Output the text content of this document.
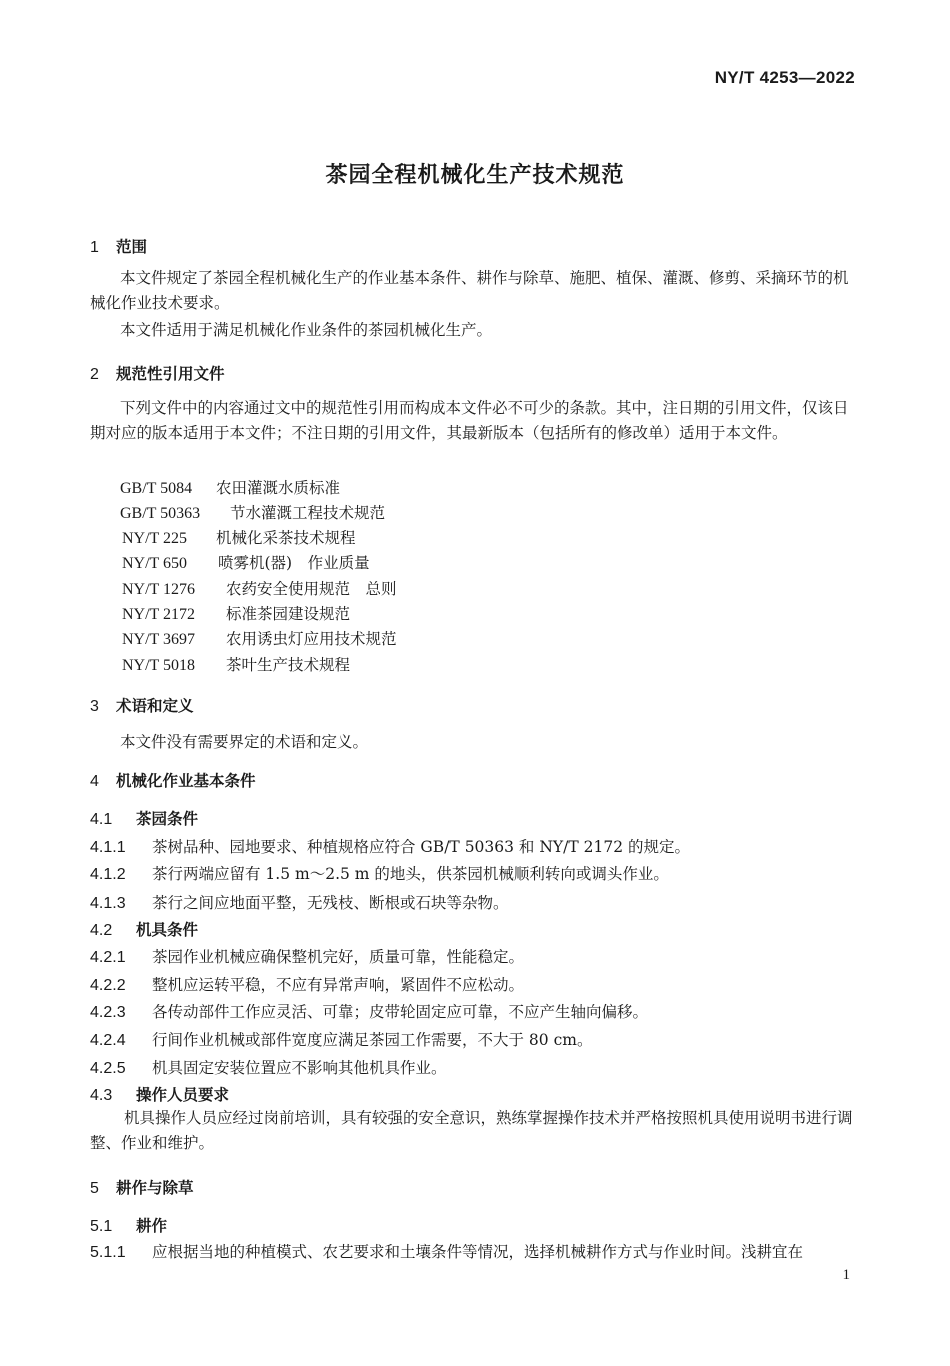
NY/T 4253—2022
茶园全程机械化生产技术规范
1 范围
本文件规定了茶园全程机械化生产的作业基本条件、耕作与除草、施肥、植保、灌溉、修剪、采摘环节的机械化作业技术要求。
本文件适用于满足机械化作业条件的茶园机械化生产。
2 规范性引用文件
下列文件中的内容通过文中的规范性引用而构成本文件必不可少的条款。其中，注日期的引用文件，仅该日期对应的版本适用于本文件；不注日期的引用文件，其最新版本（包括所有的修改单）适用于本文件。
GB/T 5084 农田灌溉水质标准
GB/T 50363 节水灌溉工程技术规范
NY/T 225 机械化采茶技术规程
NY/T 650 喷雾机(器)　作业质量
NY/T 1276 农药安全使用规范　总则
NY/T 2172 标准茶园建设规范
NY/T 3697 农用诱虫灯应用技术规范
NY/T 5018 茶叶生产技术规程
3 术语和定义
本文件没有需要界定的术语和定义。
4 机械化作业基本条件
4.1 茶园条件
4.1.1 茶树品种、园地要求、种植规格应符合 GB/T 50363 和 NY/T 2172 的规定。
4.1.2 茶行两端应留有 1.5 m～2.5 m 的地头，供茶园机械顺利转向或调头作业。
4.1.3 茶行之间应地面平整，无残枝、断根或石块等杂物。
4.2 机具条件
4.2.1 茶园作业机械应确保整机完好，质量可靠，性能稳定。
4.2.2 整机应运转平稳，不应有异常声响，紧固件不应松动。
4.2.3 各传动部件工作应灵活、可靠；皮带轮固定应可靠，不应产生轴向偏移。
4.2.4 行间作业机械或部件宽度应满足茶园工作需要，不大于 80 cm。
4.2.5 机具固定安装位置应不影响其他机具作业。
4.3 操作人员要求
机具操作人员应经过岗前培训，具有较强的安全意识，熟练掌握操作技术并严格按照机具使用说明书进行调整、作业和维护。
5 耕作与除草
5.1 耕作
5.1.1 应根据当地的种植模式、农艺要求和土壤条件等情况，选择机械耕作方式与作业时间。浅耕宜在
1
